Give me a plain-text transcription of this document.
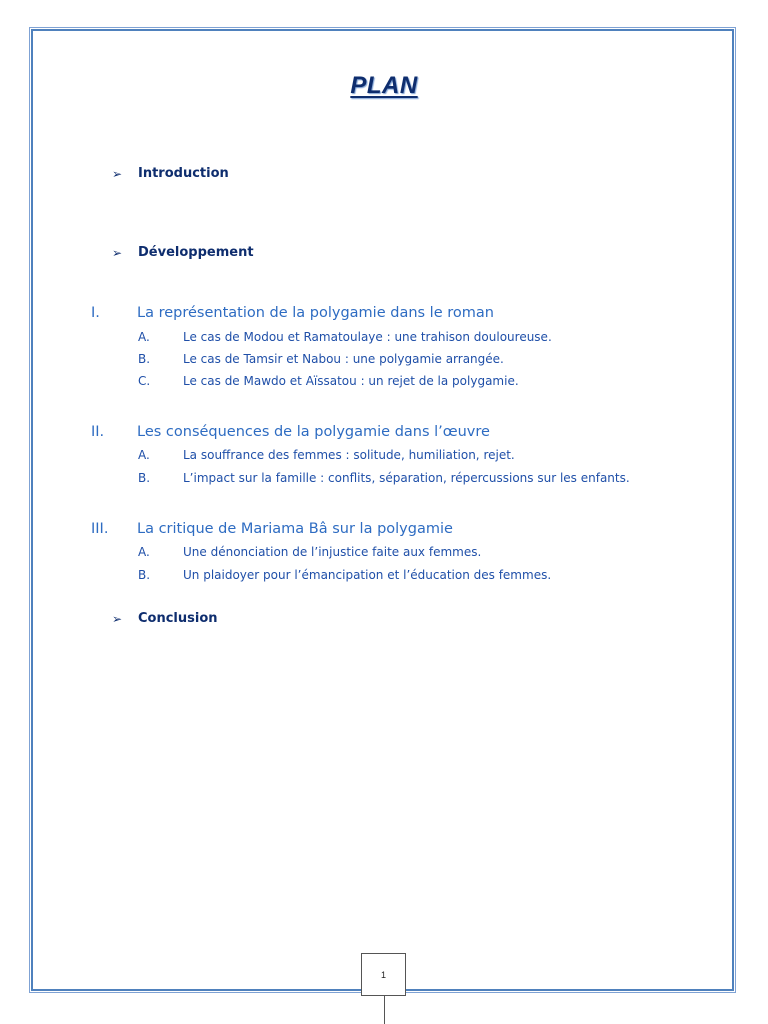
PLAN
➢	Introduction
➢	Développement
I.	La représentation de la polygamie dans le roman
A.	Le cas de Modou et Ramatoulaye : une trahison douloureuse.
B.	Le cas de Tamsir et Nabou : une polygamie arrangée.
C.	Le cas de Mawdo et Aïssatou : un rejet de la polygamie.
II. Les conséquences de la polygamie dans l’œuvre
A.	La souffrance des femmes : solitude, humiliation, rejet.
B.	L’impact sur la famille : conflits, séparation, répercussions sur les enfants.
III. La critique de Mariama Bâ sur la polygamie
A.	Une dénonciation de l’injustice faite aux femmes.
B.	Un plaidoyer pour l’émancipation et l’éducation des femmes.
➢	Conclusion
1
